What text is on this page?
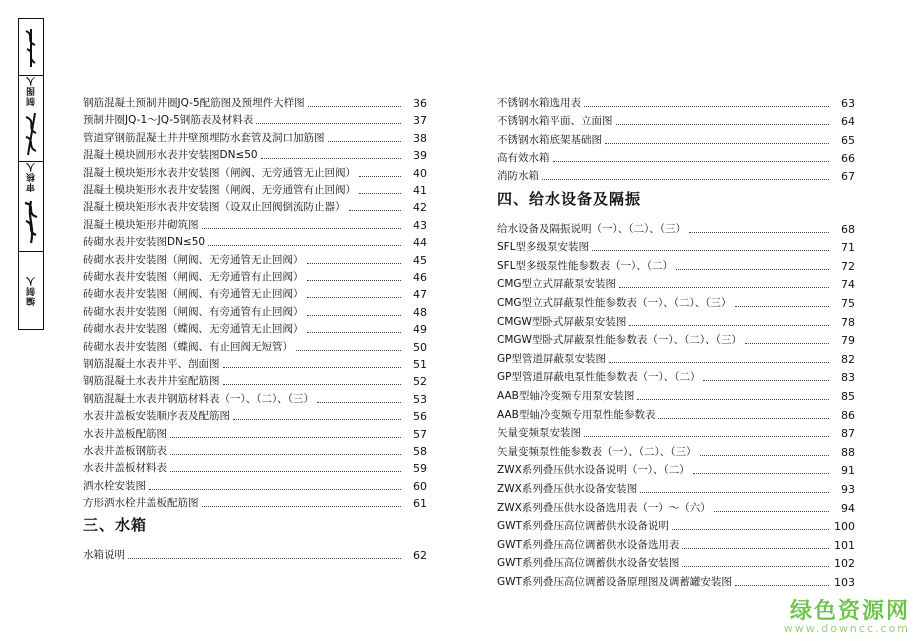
制图人
审核人
编制人
钢筋混凝土预制井圈JQ-5配筋图及预埋件大样图	36
预制井圈JQ-1～JQ-5钢筋表及材料表	37
管道穿钢筋混凝土井井壁预埋防水套管及洞口加筋图	38
混凝土模块圆形水表井安装图DN≤50	39
混凝土模块矩形水表井安装图（闸阀、无旁通管无止回阀）	40
混凝土模块矩形水表井安装图（闸阀、无旁通管有止回阀）	41
混凝土模块矩形水表井安装图（设双止回阀倒流防止器）	42
混凝土模块矩形井砌筑图	43
砖砌水表井安装图DN≤50	44
砖砌水表井安装图（闸阀、无旁通管无止回阀）	45
砖砌水表井安装图（闸阀、无旁通管有止回阀）	46
砖砌水表井安装图（闸阀、有旁通管无止回阀）	47
砖砌水表井安装图（闸阀、有旁通管有止回阀）	48
砖砌水表井安装图（蝶阀、无旁通管无止回阀）	49
砖砌水表井安装图（蝶阀、有止回阀无短管）	50
钢筋混凝土水表井平、剖面图	51
钢筋混凝土水表井井室配筋图	52
钢筋混凝土水表井钢筋材料表（一）、（二）、（三）	53
水表井盖板安装顺序表及配筋图	56
水表井盖板配筋图	57
水表井盖板钢筋表	58
水表井盖板材料表	59
洒水栓安装图	60
方形洒水栓井盖板配筋图	61
三、水箱
水箱说明	62
不锈钢水箱选用表	63
不锈钢水箱平面、立面图	64
不锈钢水箱底架基础图	65
高有效水箱	66
消防水箱	67
四、给水设备及隔振
给水设备及隔振说明（一）、（二）、（三）	68
SFL型多级泵安装图	71
SFL型多级泵性能参数表（一）、（二）	72
CMG型立式屏蔽泵安装图	74
CMG型立式屏蔽泵性能参数表（一）、（二）、（三）	75
CMGW型卧式屏蔽泵安装图	78
CMGW型卧式屏蔽泵性能参数表（一）、（二）、（三）	79
GP型管道屏蔽泵安装图	82
GP型管道屏蔽电泵性能参数表（一）、（二）	83
AAB型轴冷变频专用泵安装图	85
AAB型轴冷变频专用泵性能参数表	86
矢量变频泵安装图	87
矢量变频泵性能参数表（一）、（二）、（三）	88
ZWX系列叠压供水设备说明（一）、（二）	91
ZWX系列叠压供水设备安装图	93
ZWX系列叠压供水设备选用表（一）～（六）	94
GWT系列叠压高位调蓄供水设备说明	100
GWT系列叠压高位调蓄供水设备选用表	101
GWT系列叠压高位调蓄供水设备安装图	102
GWT系列叠压高位调蓄设备原理图及调蓄罐安装图	103
绿色资源网
www.downcc.com
